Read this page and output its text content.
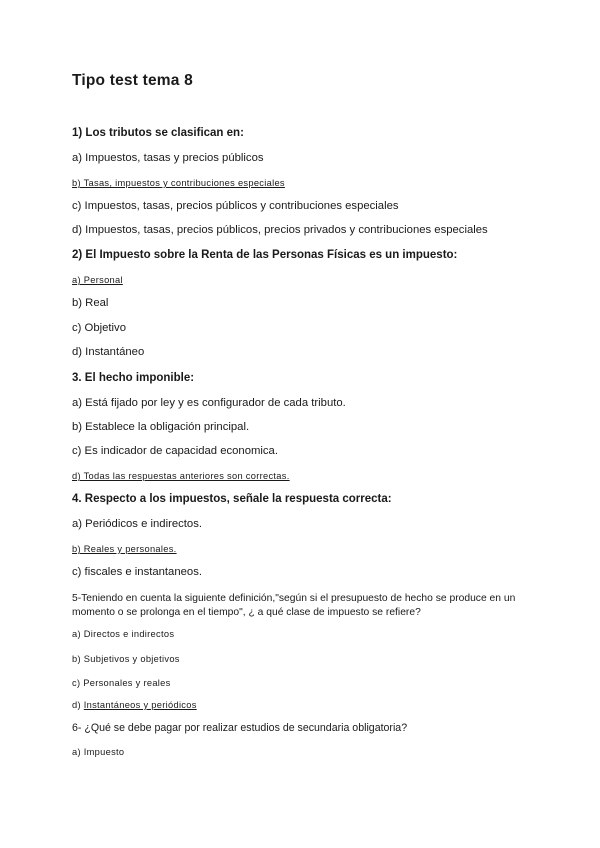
Tipo test tema 8

1) Los tributos se clasifican en:

a) Impuestos, tasas y precios públicos

b) Tasas, impuestos y contribuciones especiales

c) Impuestos, tasas, precios públicos y contribuciones especiales

d) Impuestos, tasas, precios públicos, precios privados y contribuciones especiales

2) El Impuesto sobre la Renta de las Personas Físicas es un impuesto:

a) Personal

b) Real

c) Objetivo

d) Instantáneo

3. El hecho imponible:

a) Está fijado por ley y es configurador de cada tributo.

b) Establece la obligación principal.

c) Es indicador de capacidad economica.

d) Todas las respuestas anteriores son correctas.

4. Respecto a los impuestos, señale la respuesta correcta:

a) Periódicos e indirectos.

b) Reales y personales.

c) fiscales e instantaneos.

5-Teniendo en cuenta la siguiente definición,"según si el presupuesto de hecho se produce en un momento o se prolonga en el tiempo", ¿ a qué clase de impuesto se refiere?

a) Directos e indirectos

b) Subjetivos y objetivos

c) Personales y reales

d) Instantáneos y periódicos

6- ¿Qué se debe pagar por realizar estudios de secundaria obligatoria?

a) Impuesto
